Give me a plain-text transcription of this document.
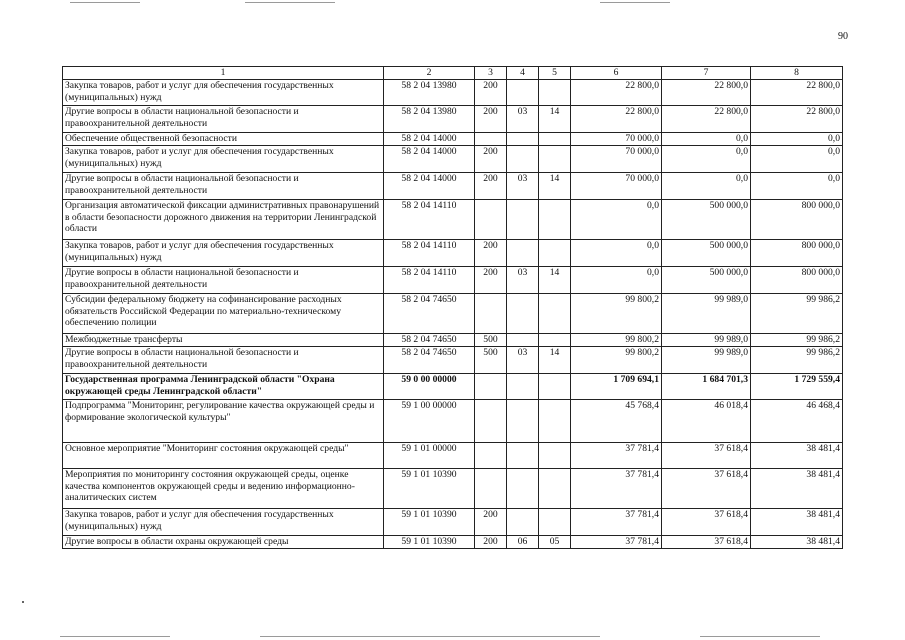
90
1	2	3	4	5	6	7	8
Закупка товаров, работ и услуг для обеспечения государственных (муниципальных) нужд	58 2 04 13980	200			22 800,0	22 800,0	22 800,0
Другие вопросы в области национальной безопасности и правоохранительной деятельности	58 2 04 13980	200	03	14	22 800,0	22 800,0	22 800,0
Обеспечение общественной безопасности	58 2 04 14000				70 000,0	0,0	0,0
Закупка товаров, работ и услуг для обеспечения государственных (муниципальных) нужд	58 2 04 14000	200			70 000,0	0,0	0,0
Другие вопросы в области национальной безопасности и правоохранительной деятельности	58 2 04 14000	200	03	14	70 000,0	0,0	0,0
Организация автоматической фиксации административных правонарушений в области безопасности дорожного движения на территории Ленинградской области	58 2 04 14110				0,0	500 000,0	800 000,0
Закупка товаров, работ и услуг для обеспечения государственных (муниципальных) нужд	58 2 04 14110	200			0,0	500 000,0	800 000,0
Другие вопросы в области национальной безопасности и правоохранительной деятельности	58 2 04 14110	200	03	14	0,0	500 000,0	800 000,0
Субсидии федеральному бюджету на софинансирование расходных обязательств Российской Федерации по материально-техническому обеспечению полиции	58 2 04 74650				99 800,2	99 989,0	99 986,2
Межбюджетные трансферты	58 2 04 74650	500			99 800,2	99 989,0	99 986,2
Другие вопросы в области национальной безопасности и правоохранительной деятельности	58 2 04 74650	500	03	14	99 800,2	99 989,0	99 986,2
Государственная программа Ленинградской области "Охрана окружающей среды Ленинградской области"	59 0 00 00000				1 709 694,1	1 684 701,3	1 729 559,4
Подпрограмма "Мониторинг, регулирование качества окружающей среды и формирование экологической культуры"	59 1 00 00000				45 768,4	46 018,4	46 468,4
Основное мероприятие "Мониторинг состояния окружающей среды"	59 1 01 00000				37 781,4	37 618,4	38 481,4
Мероприятия по мониторингу состояния окружающей среды, оценке качества компонентов окружающей среды и ведению информационно-аналитических систем	59 1 01 10390				37 781,4	37 618,4	38 481,4
Закупка товаров, работ и услуг для обеспечения государственных (муниципальных) нужд	59 1 01 10390	200			37 781,4	37 618,4	38 481,4
Другие вопросы в области охраны окружающей среды	59 1 01 10390	200	06	05	37 781,4	37 618,4	38 481,4
